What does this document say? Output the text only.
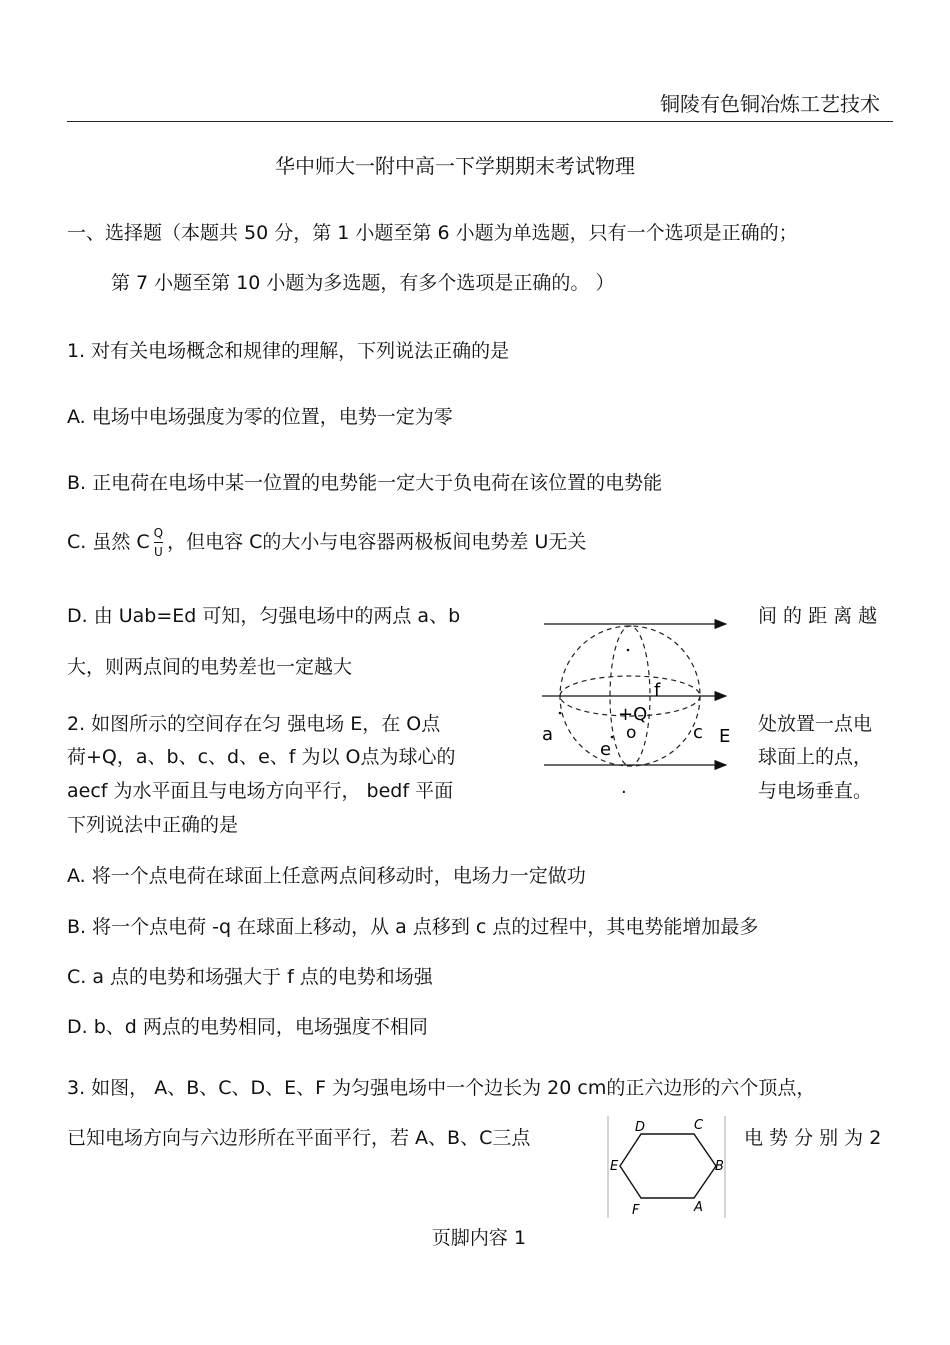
铜陵有色铜冶炼工艺技术
华中师大一附中高一下学期期末考试物理
一、选择题（本题共 50 分，第 1 小题至第 6 小题为单选题，只有一个选项是正确的；
第 7 小题至第 10 小题为多选题，有多个选项是正确的。 ）
1. 对有关电场概念和规律的理解，下列说法正确的是
A. 电场中电场强度为零的位置，电势一定为零
B. 正电荷在电场中某一位置的电势能一定大于负电荷在该位置的电势能
C. 虽然 C $\frac{Q}{U}$ ，但电容 C的大小与电容器两极板间电势差 U无关
D. 由 Uab=Ed 可知，匀强电场中的两点 a、b	间 的 距 离 越
大，则两点间的电势差也一定越大
2. 如图所示的空间存在匀 强电场 E，在 O点	处放置一点电
荷+Q，a、b、c、d、e、f 为以 O点为球心的	球面上的点，
aecf 为水平面且与电场方向平行， bedf 平面	与电场垂直。
下列说法中正确的是
f
+Q
o
a	c
e
E
.
A. 将一个点电荷在球面上任意两点间移动时，电场力一定做功
B. 将一个点电荷 -q 在球面上移动，从 a 点移到 c 点的过程中，其电势能增加最多
C. a 点的电势和场强大于 f 点的电势和场强
D. b、d 两点的电势相同，电场强度不相同
3. 如图， A、B、C、D、E、F 为匀强电场中一个边长为 20 cm的正六边形的六个顶点，
已知电场方向与六边形所在平面平行，若 A、B、C三点	电 势 分 别 为 2
D	C
E	B
F	A
页脚内容 1
